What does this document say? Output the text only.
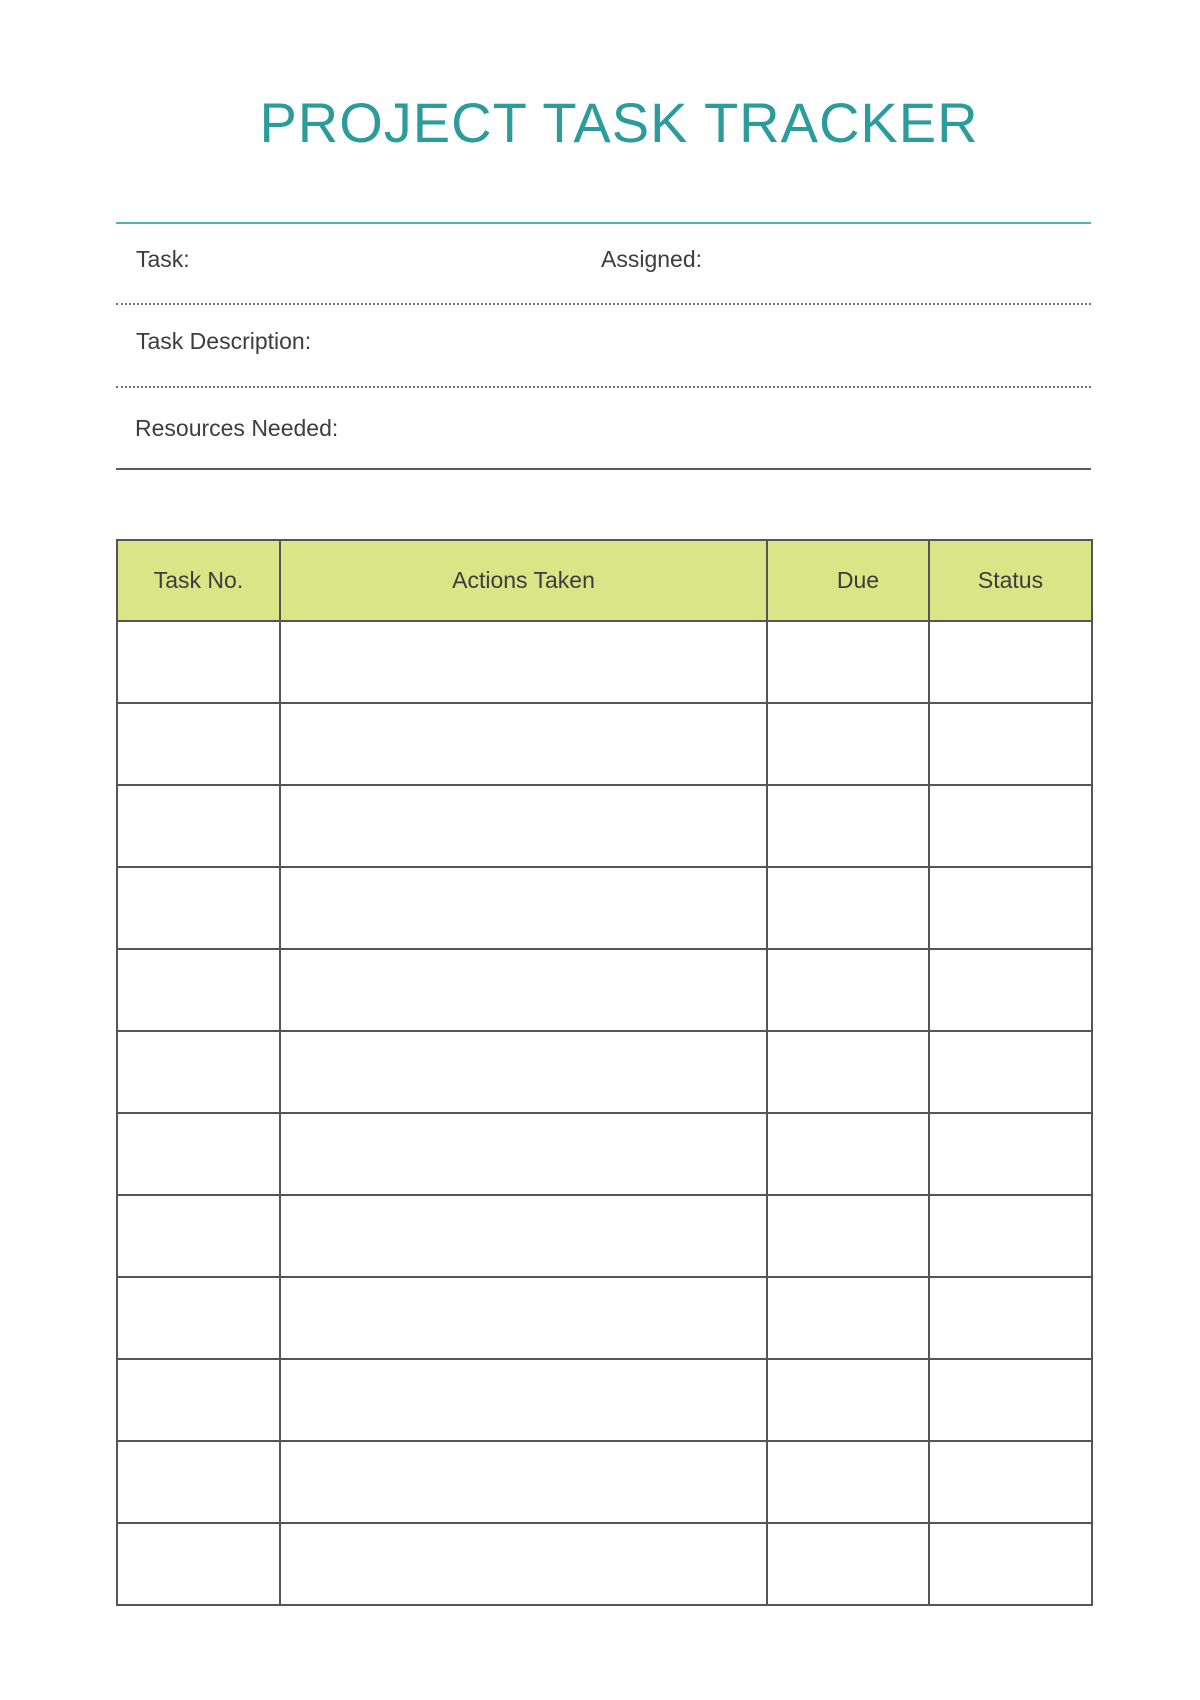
PROJECT TASK TRACKER
Task:	Assigned:
Task Description:
Resources Needed:
Task No.	Actions Taken	Due	Status
